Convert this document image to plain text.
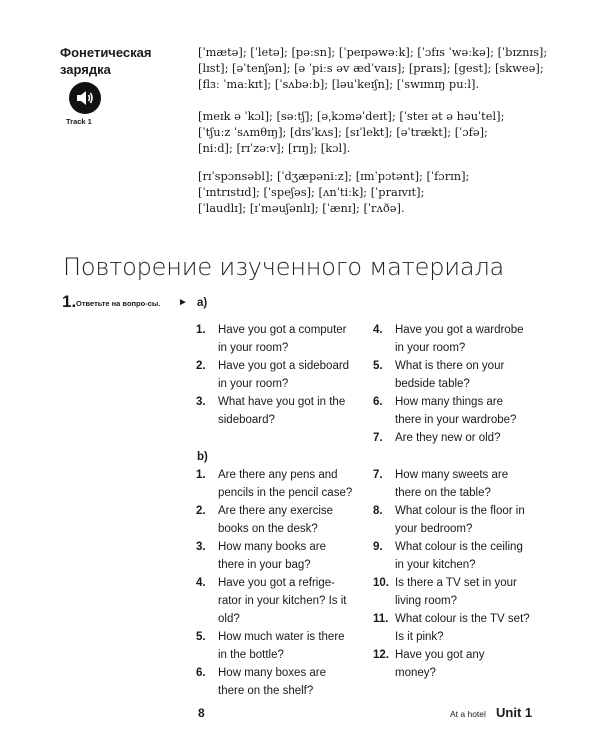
Фонетическая зарядка
Track 1
[ˈmætə]; [ˈletə]; [pəːsn]; [ˈpeɪpəwəːk]; [ˈɔfɪs ˈwəːkə]; [ˈbɪznɪs];
[lɪst]; [əˈtenʃən]; [ə ˈpiːs əv ædˈvaɪs]; [praɪs]; [gest]; [skweə];
[flɜː ˈmaːkɪt]; [ˈsʌbəːb]; [ləuˈkeɪʃn]; [ˈswɪmɪŋ puːl].
[meɪk ə ˈkɔl]; [səːtʃ]; [əˌkɔməˈdeɪt]; [ˈsteɪ ət ə həuˈtel];
[ˈtʃuːz ˈsʌmθɪŋ]; [dɪsˈkʌs]; [sɪˈlekt]; [əˈtrækt]; [ˈɔfə];
[niːd]; [rɪˈzəːv]; [rɪŋ]; [kɔl].
[rɪˈspɔnsəbl]; [ˈdʒæpəniːz]; [ɪmˈpɔtənt]; [ˈfɔrɪn];
[ˈɪntrɪstɪd]; [ˈspeʃəs]; [ʌnˈtiːk]; [ˈpraɪvɪt];
[ˈlaudlɪ]; [ɪˈməuʃənlɪ]; [ˈænɪ]; [ˈrʌðə].
Повторение изученного материала
1. Ответьте на вопро-сы.	► a)
b)
1.	Have you got a computer
in your room?
2.	Have you got a sideboard
in your room?
3.	What have you got in the
sideboard?
4.	Have you got a wardrobe
in your room?
5.	What is there on your
bedside table?
6.	How many things are
there in your wardrobe?
7.	Are they new or old?
1.	Are there any pens and
pencils in the pencil case?
2.	Are there any exercise
books on the desk?
3.	How many books are
there in your bag?
4.	Have you got a refrige-
rator in your kitchen? Is it
old?
5.	How much water is there
in the bottle?
6.	How many boxes are
there on the shelf?
7.	How many sweets are
there on the table?
8.	What colour is the floor in
your bedroom?
9.	What colour is the ceiling
in your kitchen?
10. Is there a TV set in your
living room?
11. What colour is the TV set?
Is it pink?
12. Have you got any
money?
8	At a hotel Unit 1
